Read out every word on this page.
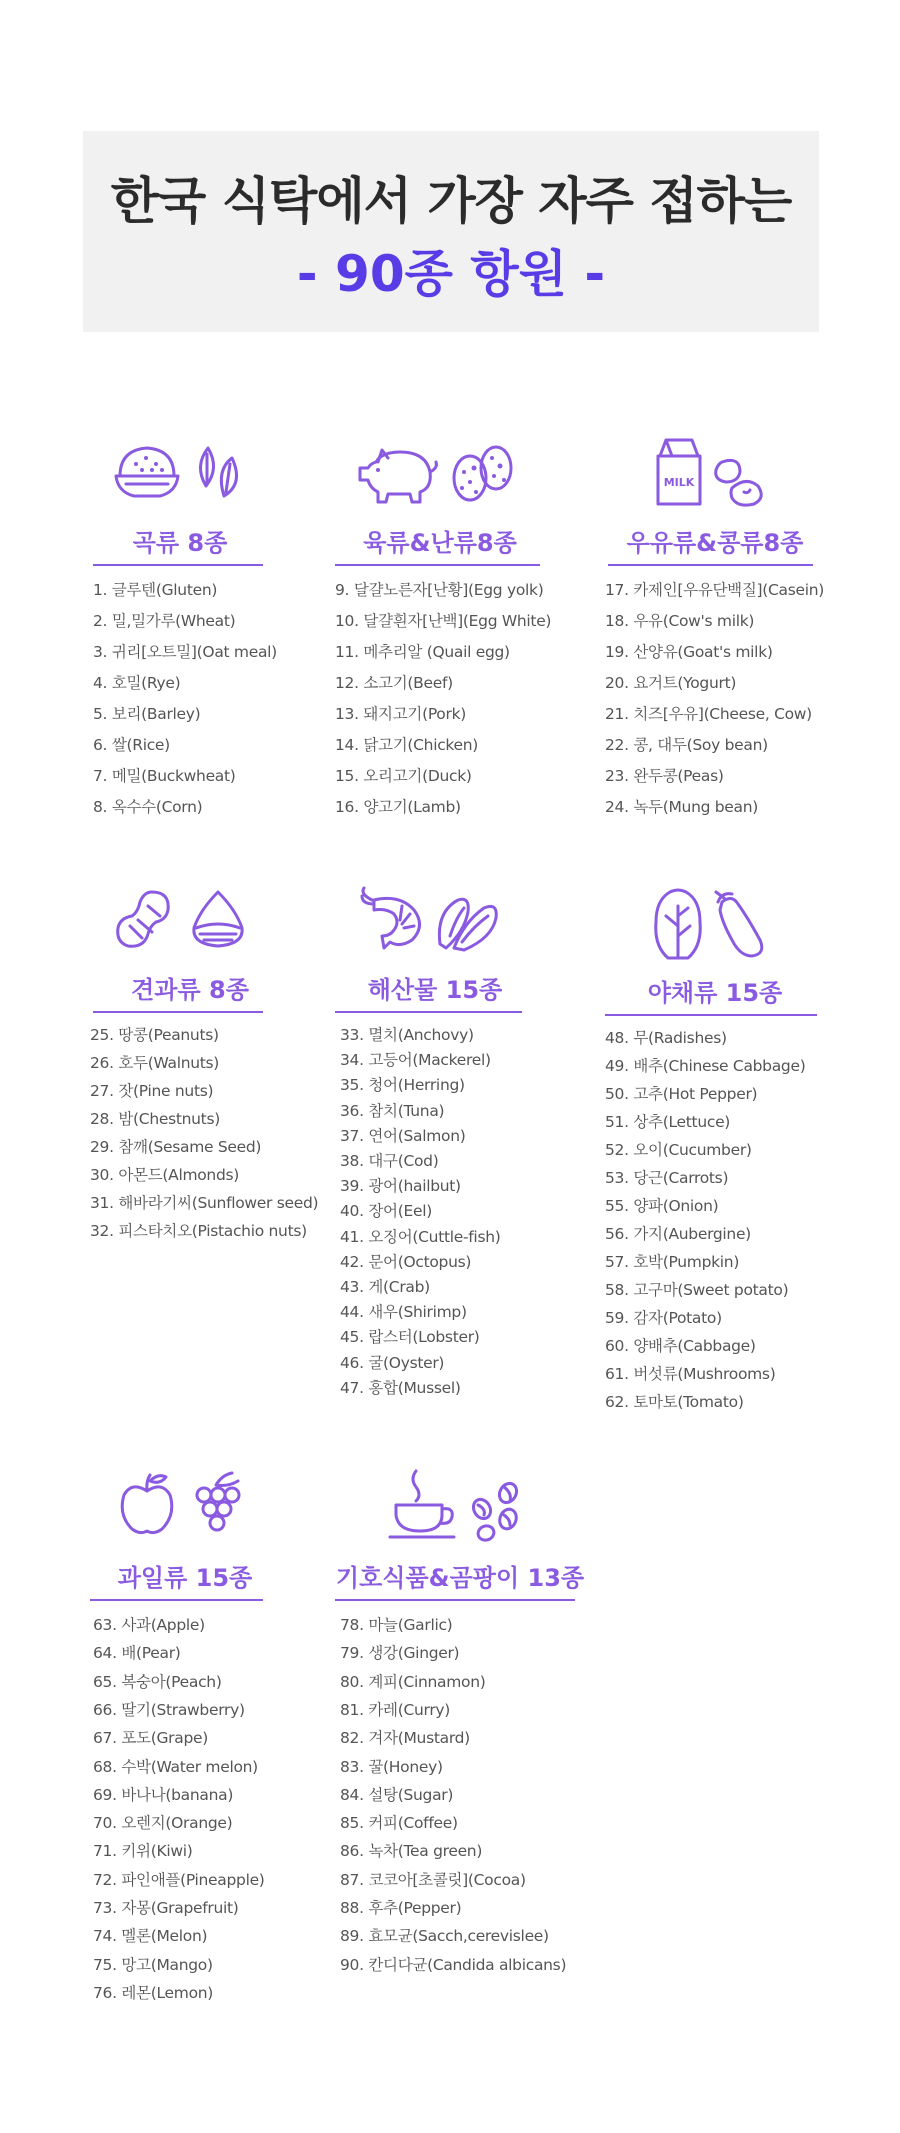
한국 식탁에서 가장 자주 접하는
- 90종 항원 -
곡류 8종
1. 글루텐(Gluten)
2. 밀,밀가루(Wheat)
3. 귀리[오트밀](Oat meal)
4. 호밀(Rye)
5. 보리(Barley)
6. 쌀(Rice)
7. 메밀(Buckwheat)
8. 옥수수(Corn)
육류&난류8종
9. 달걀노른자[난황](Egg yolk)
10. 달걀흰자[난백](Egg White)
11. 메추리알 (Quail egg)
12. 소고기(Beef)
13. 돼지고기(Pork)
14. 닭고기(Chicken)
15. 오리고기(Duck)
16. 양고기(Lamb)
MILK
우유류&콩류8종
17. 카제인[우유단백질](Casein)
18. 우유(Cow's milk)
19. 산양유(Goat's milk)
20. 요거트(Yogurt)
21. 치즈[우유](Cheese, Cow)
22. 콩, 대두(Soy bean)
23. 완두콩(Peas)
24. 녹두(Mung bean)
견과류 8종
25. 땅콩(Peanuts)
26. 호두(Walnuts)
27. 잣(Pine nuts)
28. 밤(Chestnuts)
29. 참깨(Sesame Seed)
30. 아몬드(Almonds)
31. 해바라기씨(Sunflower seed)
32. 피스타치오(Pistachio nuts)
해산물 15종
33. 멸치(Anchovy)
34. 고등어(Mackerel)
35. 청어(Herring)
36. 참치(Tuna)
37. 연어(Salmon)
38. 대구(Cod)
39. 광어(hailbut)
40. 장어(Eel)
41. 오징어(Cuttle-fish)
42. 문어(Octopus)
43. 게(Crab)
44. 새우(Shirimp)
45. 랍스터(Lobster)
46. 굴(Oyster)
47. 홍합(Mussel)
야채류 15종
48. 무(Radishes)
49. 배추(Chinese Cabbage)
50. 고추(Hot Pepper)
51. 상추(Lettuce)
52. 오이(Cucumber)
53. 당근(Carrots)
55. 양파(Onion)
56. 가지(Aubergine)
57. 호박(Pumpkin)
58. 고구마(Sweet potato)
59. 감자(Potato)
60. 양배추(Cabbage)
61. 버섯류(Mushrooms)
62. 토마토(Tomato)
과일류 15종
63. 사과(Apple)
64. 배(Pear)
65. 복숭아(Peach)
66. 딸기(Strawberry)
67. 포도(Grape)
68. 수박(Water melon)
69. 바나나(banana)
70. 오렌지(Orange)
71. 키위(Kiwi)
72. 파인애플(Pineapple)
73. 자몽(Grapefruit)
74. 멜론(Melon)
75. 망고(Mango)
76. 레몬(Lemon)
기호식품&곰팡이 13종
78. 마늘(Garlic)
79. 생강(Ginger)
80. 계피(Cinnamon)
81. 카레(Curry)
82. 겨자(Mustard)
83. 꿀(Honey)
84. 설탕(Sugar)
85. 커피(Coffee)
86. 녹차(Tea green)
87. 코코아[초콜릿](Cocoa)
88. 후추(Pepper)
89. 효모균(Sacch,cerevislee)
90. 칸디다균(Candida albicans)
